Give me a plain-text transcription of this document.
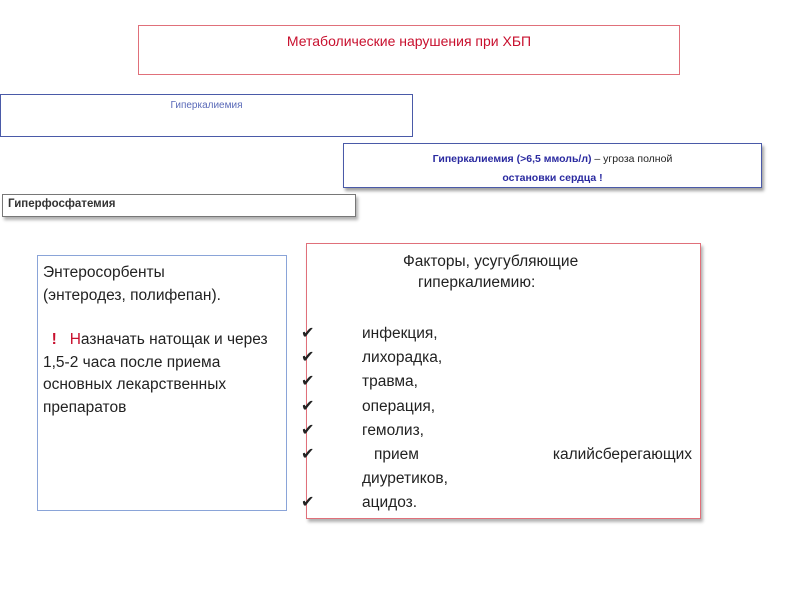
Метаболические нарушения при ХБП
Гиперкалиемия
Гиперкалиемия (>6,5 ммоль/л) – угроза полной
остановки сердца !
Гиперфосфатемия
Энтеросорбенты
(энтеродез, полифепан).
! Назначать натощак и через 1,5-2 часа после приема основных лекарственных препаратов
Факторы, усугубляющие
гиперкалиемию:
✔	инфекция,
✔	лихорадка,
✔	травма,
✔	операция,
✔	гемолиз,
✔	прием	калийсберегающих
диуретиков,
✔	ацидоз.
